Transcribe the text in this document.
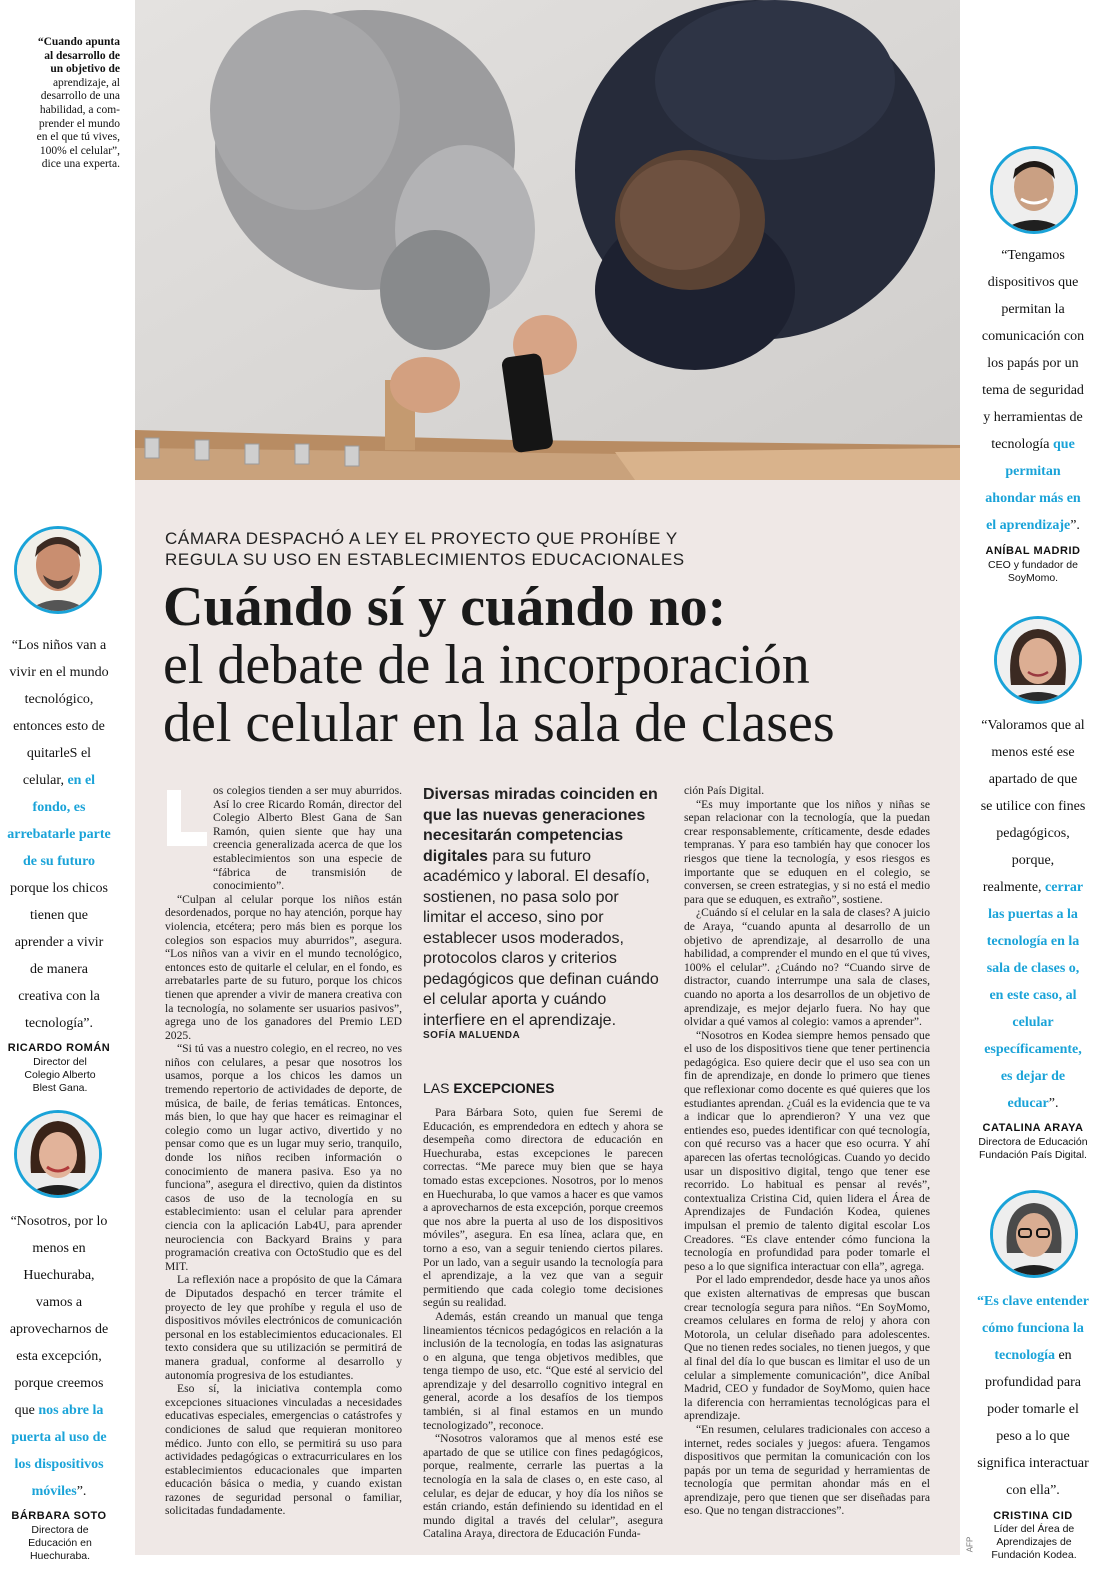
“Cuando apunta
al desarrollo de
un objetivo de
aprendizaje, al
desarrollo de una
habilidad, a com-
prender el mundo
en el que tú vives,
100% el celular”,
dice una experta.
CÁMARA DESPACHÓ A LEY EL PROYECTO QUE PROHÍBE Y REGULA SU USO EN ESTABLECIMIENTOS EDUCACIONALES
Cuándo sí y cuándo no:
el debate de la incorporación
del celular en la sala de clases

os colegios tienden a ser muy aburridos. Así lo cree Ricardo Román, director del Colegio Alberto Blest Gana de San Ramón, quien siente que hay una creencia generalizada acerca de que los establecimientos son una especie de “fábrica de transmisión de conocimiento”.

“Culpan al celular porque los niños están desordenados, porque no hay atención, porque hay violencia, etcétera; pero más bien es porque los colegios son espacios muy aburridos”, asegura. “Los niños van a vivir en el mundo tecnológico, entonces esto de quitarle el celular, en el fondo, es arrebatarles parte de su futuro, porque los chicos tienen que aprender a vivir de manera creativa con la tecnología, no solamente ser usuarios pasivos”, agrega uno de los ganadores del Premio LED 2025.

“Si tú vas a nuestro colegio, en el recreo, no ves niños con celulares, a pesar que nosotros los usamos, porque a los chicos les damos un tremendo repertorio de actividades de deporte, de música, de baile, de ferias temáticas. Entonces, más bien, lo que hay que hacer es reimaginar el colegio como un lugar activo, divertido y no pensar como que es un lugar muy serio, tranquilo, donde los niños reciben información o conocimiento de manera pasiva. Eso ya no funciona”, asegura el directivo, quien da distintos casos de uso de la tecnología en su establecimiento: usan el celular para aprender ciencia con la aplicación Lab4U, para aprender neurociencia con Backyard Brains y para programación creativa con OctoStudio que es del MIT.

La reflexión nace a propósito de que la Cámara de Diputados despachó en tercer trámite el proyecto de ley que prohíbe y regula el uso de dispositivos móviles electrónicos de comunicación personal en los establecimientos educacionales. El texto considera que su utilización se permitirá de manera gradual, conforme al desarrollo y autonomía progresiva de los estudiantes.

Eso sí, la iniciativa contempla como excepciones situaciones vinculadas a necesidades educativas especiales, emergencias o catástrofes y condiciones de salud que requieran monitoreo médico. Junto con ello, se permitirá su uso para actividades pedagógicas o extracurriculares en los establecimientos educacionales que imparten educación básica o media, y cuando existan razones de seguridad personal o familiar, solicitadas fundadamente.

Diversas miradas coinciden en que las nuevas generaciones necesitarán competencias digitales para su futuro académico y laboral. El desafío, sostienen, no pasa solo por limitar el acceso, sino por establecer usos moderados, protocolos claros y criterios pedagógicos que definan cuándo el celular aporta y cuándo interfiere en el aprendizaje.
SOFÍA MALUENDA
LAS EXCEPCIONES

Para Bárbara Soto, quien fue Seremi de Educación, es emprendedora en edtech y ahora se desempeña como directora de educación en Huechuraba, estas excepciones le parecen correctas. “Me parece muy bien que se haya tomado estas excepciones. Nosotros, por lo menos en Huechuraba, lo que vamos a hacer es que vamos a aprovecharnos de esta excepción, porque creemos que nos abre la puerta al uso de los dispositivos móviles”, asegura. En esa línea, aclara que, en torno a eso, van a seguir teniendo ciertos pilares. Por un lado, van a seguir usando la tecnología para el aprendizaje, a la vez que van a seguir permitiendo que cada colegio tome decisiones según su realidad.

Además, están creando un manual que tenga lineamientos técnicos pedagógicos en relación a la inclusión de la tecnología, en todas las asignaturas o en alguna, que tenga objetivos medibles, que tenga tiempo de uso, etc. “Que esté al servicio del aprendizaje y del desarrollo cognitivo integral en general, acorde a los desafíos de los tiempos también, si al final estamos en un mundo tecnologizado”, reconoce.

“Nosotros valoramos que al menos esté ese apartado de que se utilice con fines pedagógicos, porque, realmente, cerrarle las puertas a la tecnología en la sala de clases o, en este caso, al celular, es dejar de educar, y hoy día los niños se están criando, están definiendo su identidad en el mundo digital a través del celular”, asegura Catalina Araya, directora de Educación Funda-

ción País Digital.

“Es muy importante que los niños y niñas se sepan relacionar con la tecnología, que la puedan crear responsablemente, críticamente, desde edades tempranas. Y para eso también hay que conocer los riesgos que tiene la tecnología, y esos riesgos es importante que se eduquen en el colegio, se conversen, se creen estrategias, y si no está el medio para que se eduquen, es extraño”, sostiene.

¿Cuándo sí el celular en la sala de clases? A juicio de Araya, “cuando apunta al desarrollo de un objetivo de aprendizaje, al desarrollo de una habilidad, a comprender el mundo en el que tú vives, 100% el celular”. ¿Cuándo no? “Cuando sirve de distractor, cuando interrumpe una sala de clases, cuando no aporta a los desarrollos de un objetivo de aprendizaje, es mejor dejarlo fuera. No hay que olvidar a qué vamos al colegio: vamos a aprender”.

“Nosotros en Kodea siempre hemos pensado que el uso de los dispositivos tiene que tener pertinencia pedagógica. Eso quiere decir que el uso sea con un fin de aprendizaje, en donde lo primero que tienes que reflexionar como docente es qué quieres que los estudiantes aprendan. ¿Cuál es la evidencia que te va a indicar que lo aprendieron? Y una vez que entiendes eso, puedes identificar con qué tecnología, con qué recurso vas a hacer que eso ocurra. Y ahí aparecen las ofertas tecnológicas. Cuando yo decido usar un dispositivo digital, tengo que tener ese recorrido. Lo habitual es pensar al revés”, contextualiza Cristina Cid, quien lidera el Área de Aprendizajes de Fundación Kodea, quienes impulsan el premio de talento digital escolar Los Creadores. “Es clave entender cómo funciona la tecnología en profundidad para poder tomarle el peso a lo que significa interactuar con ella”, agrega.

Por el lado emprendedor, desde hace ya unos años que existen alternativas de empresas que buscan crear tecnología segura para niños. “En SoyMomo, creamos celulares en forma de reloj y ahora con Motorola, un celular diseñado para adolescentes. Que no tienen redes sociales, no tienen juegos, y que al final del día lo que buscan es limitar el uso de un celular a simplemente comunicación”, dice Aníbal Madrid, CEO y fundador de SoyMomo, quien hace la diferencia con herramientas tecnológicas para el aprendizaje.

“En resumen, celulares tradicionales con acceso a internet, redes sociales y juegos: afuera. Tengamos dispositivos que permitan la comunicación con los papás por un tema de seguridad y herramientas de tecnología que permitan ahondar más en el aprendizaje, pero que tienen que ser diseñadas para eso. Que no tengan distracciones”.

“Los niños van a
vivir en el mundo
tecnológico,
entonces esto de
quitarleS el
celular, en el
fondo, es
arrebatarle parte
de su futuro
porque los chicos
tienen que
aprender a vivir
de manera
creativa con la
tecnología”.
RICARDO ROMÁN
Director del Colegio Alberto Blest Gana.
“Nosotros, por lo
menos en
Huechuraba,
vamos a
aprovecharnos de
esta excepción,
porque creemos
que nos abre la
puerta al uso de
los dispositivos
móviles”.
BÁRBARA SOTO
Directora de Educación en Huechuraba.
“Tengamos
dispositivos que
permitan la
comunicación con
los papás por un
tema de seguridad
y herramientas de
tecnología que
permitan
ahondar más en
el aprendizaje”.
ANÍBAL MADRID
CEO y fundador de SoyMomo.
“Valoramos que al
menos esté ese
apartado de que
se utilice con fines
pedagógicos,
porque,
realmente, cerrar
las puertas a la
tecnología en la
sala de clases o,
en este caso, al
celular
específicamente,
es dejar de
educar”.
CATALINA ARAYA
Directora de Educación Fundación País Digital.
“Es clave entender
cómo funciona la
tecnología en
profundidad para
poder tomarle el
peso a lo que
significa interactuar
con ella”.
CRISTINA CID
Líder del Área de Aprendizajes de Fundación Kodea.
AFP
